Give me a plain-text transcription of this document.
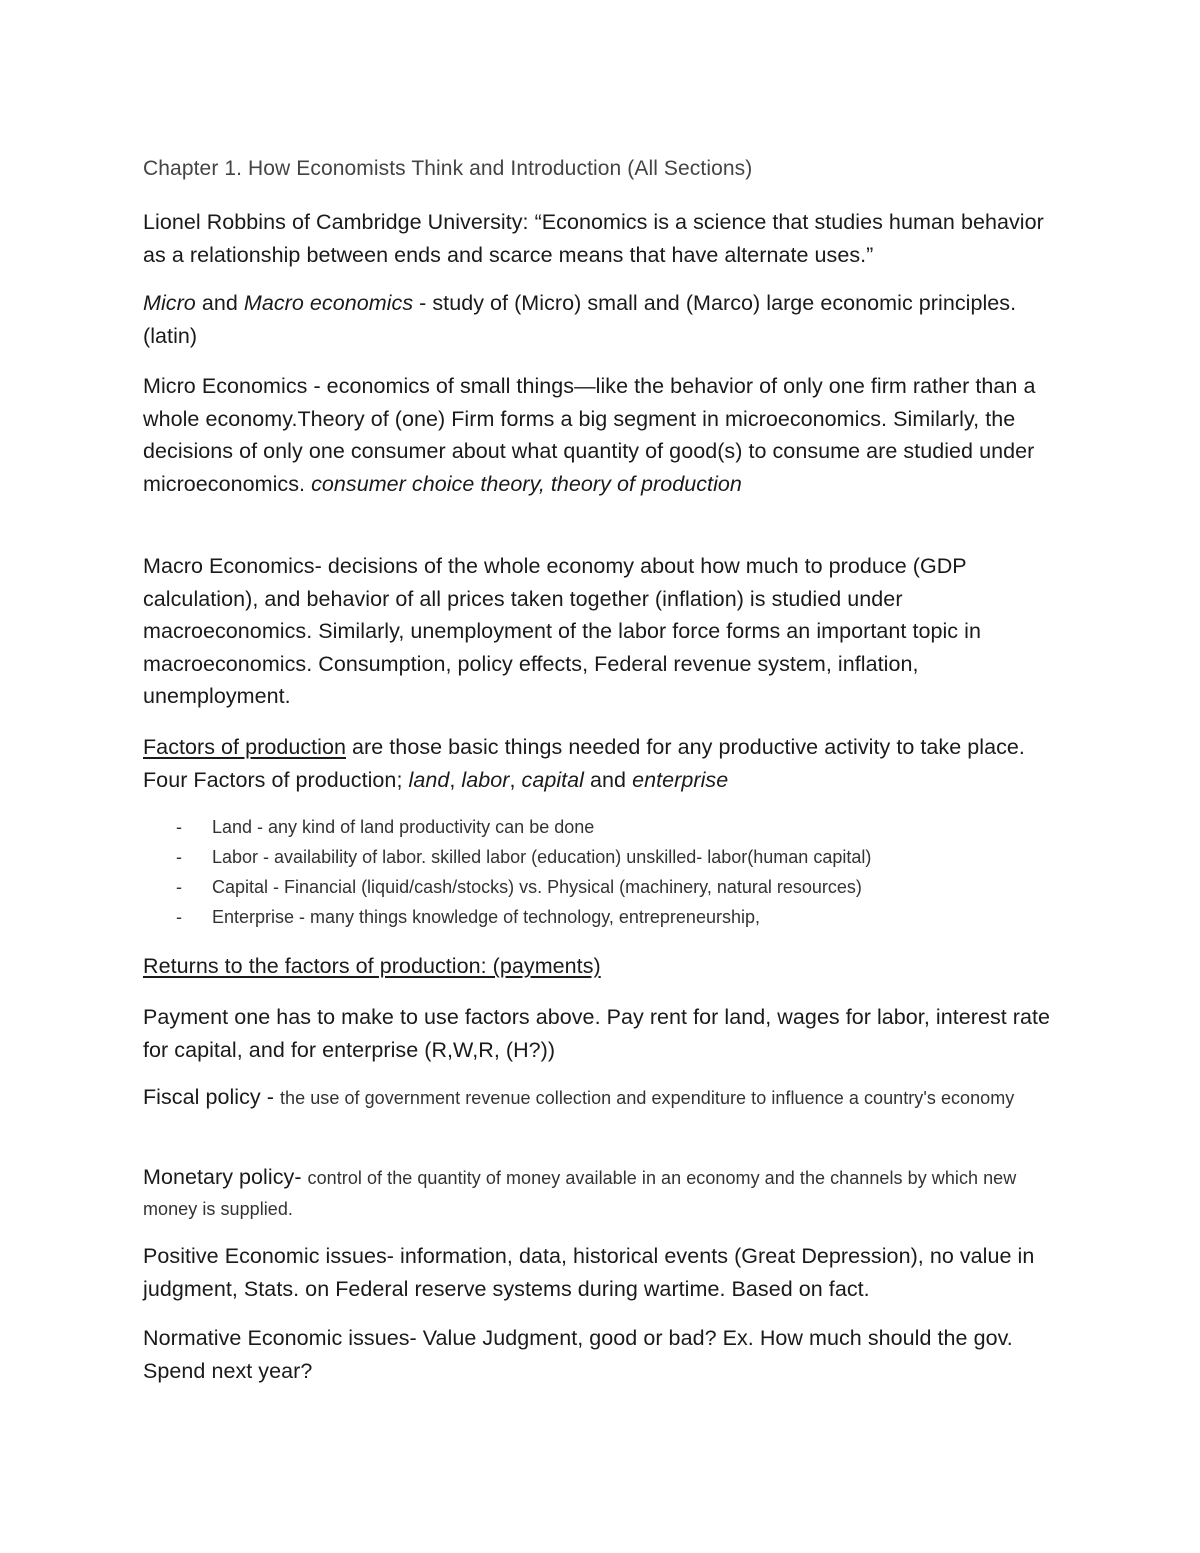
Chapter 1. How Economists Think and Introduction (All Sections)

Lionel Robbins of Cambridge University: “Economics is a science that studies human behavior as a relationship between ends and scarce means that have alternate uses.”

Micro and Macro economics - study of (Micro) small and (Marco) large economic principles. (latin)

Micro Economics - economics of small things—like the behavior of only one firm rather than a whole economy.Theory of (one) Firm forms a big segment in microeconomics. Similarly, the decisions of only one consumer about what quantity of good(s) to consume are studied under microeconomics. consumer choice theory, theory of production

Macro Economics- decisions of the whole economy about how much to produce (GDP calculation), and behavior of all prices taken together (inflation) is studied under macroeconomics. Similarly, unemployment of the labor force forms an important topic in macroeconomics. Consumption, policy effects, Federal revenue system, inflation, unemployment.

Factors of production are those basic things needed for any productive activity to take place. Four Factors of production; land, labor, capital and enterprise

- Land - any kind of land productivity can be done
- Labor - availability of labor. skilled labor (education) unskilled- labor(human capital)
- Capital - Financial (liquid/cash/stocks) vs. Physical (machinery, natural resources)
- Enterprise - many things knowledge of technology, entrepreneurship,

Returns to the factors of production: (payments)

Payment one has to make to use factors above. Pay rent for land, wages for labor, interest rate for capital, and for enterprise (R,W,R, (H?))

Fiscal policy - the use of government revenue collection and expenditure to influence a country's economy

Monetary policy- control of the quantity of money available in an economy and the channels by which new money is supplied.

Positive Economic issues- information, data, historical events (Great Depression), no value in judgment, Stats. on Federal reserve systems during wartime. Based on fact.

Normative Economic issues- Value Judgment, good or bad? Ex. How much should the gov. Spend next year?
